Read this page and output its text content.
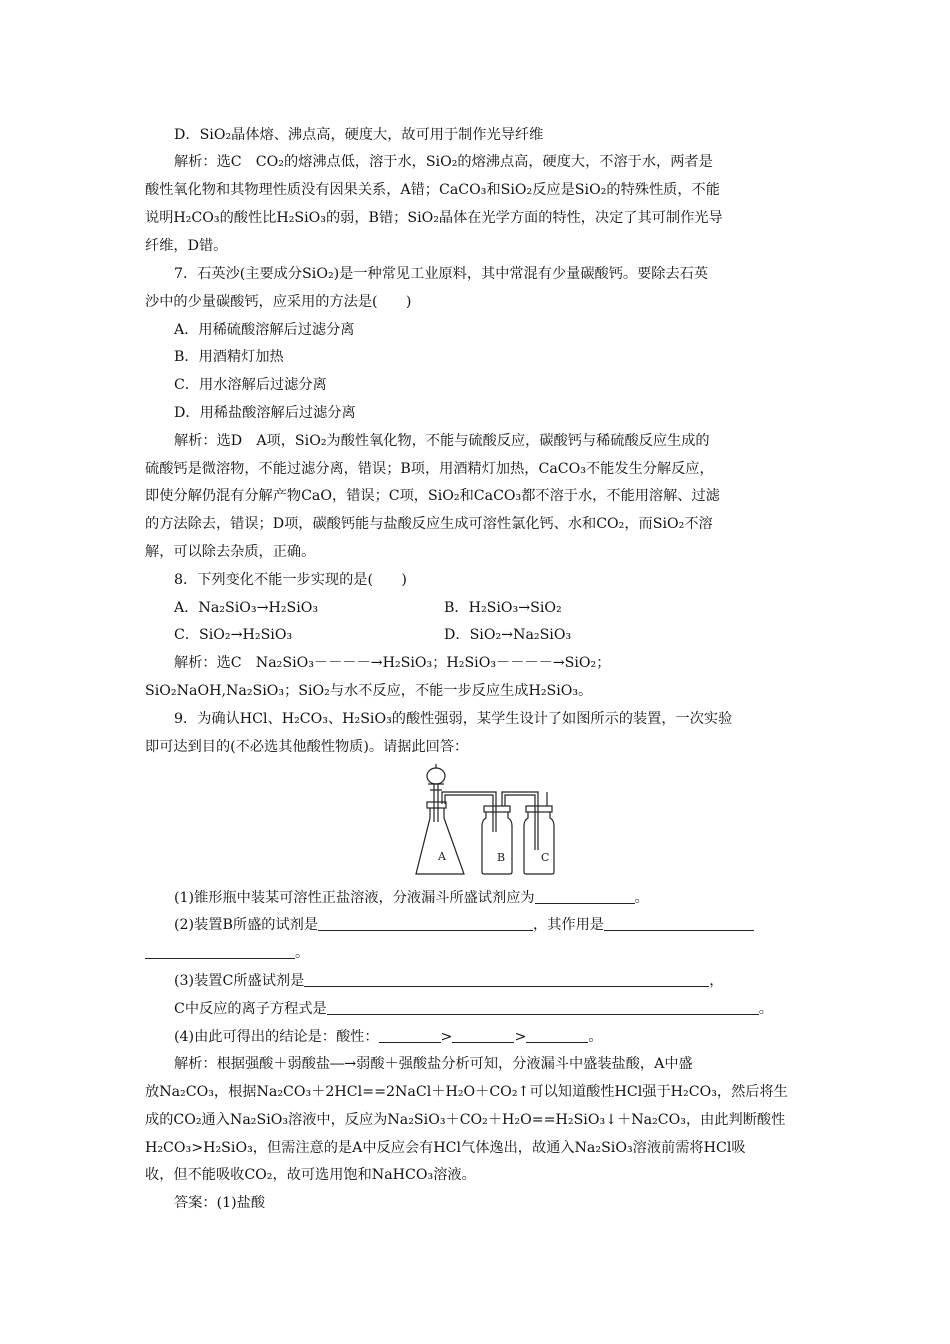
D．SiO₂晶体熔、沸点高，硬度大，故可用于制作光导纤维
解析：选C　CO₂的熔沸点低，溶于水，SiO₂的熔沸点高，硬度大，不溶于水，两者是
酸性氧化物和其物理性质没有因果关系，A错；CaCO₃和SiO₂反应是SiO₂的特殊性质，不能
说明H₂CO₃的酸性比H₂SiO₃的弱，B错；SiO₂晶体在光学方面的特性，决定了其可制作光导
纤维，D错。
7．石英沙(主要成分SiO₂)是一种常见工业原料，其中常混有少量碳酸钙。要除去石英
沙中的少量碳酸钙，应采用的方法是(　　)
A．用稀硫酸溶解后过滤分离
B．用酒精灯加热
C．用水溶解后过滤分离
D．用稀盐酸溶解后过滤分离
解析：选D　A项，SiO₂为酸性氧化物，不能与硫酸反应，碳酸钙与稀硫酸反应生成的
硫酸钙是微溶物，不能过滤分离，错误；B项，用酒精灯加热，CaCO₃不能发生分解反应，
即使分解仍混有分解产物CaO，错误；C项，SiO₂和CaCO₃都不溶于水，不能用溶解、过滤
的方法除去，错误；D项，碳酸钙能与盐酸反应生成可溶性氯化钙、水和CO₂，而SiO₂不溶
解，可以除去杂质，正确。
8．下列变化不能一步实现的是(　　)
A．Na₂SiO₃→H₂SiO₃	B．H₂SiO₃→SiO₂
C．SiO₂→H₂SiO₃	D．SiO₂→Na₂SiO₃
解析：选C　Na₂SiO₃－－－－→H₂SiO₃；H₂SiO₃－－－－→SiO₂；
SiO₂NaOH,Na₂SiO₃；SiO₂与水不反应，不能一步反应生成H₂SiO₃。
9．为确认HCl、H₂CO₃、H₂SiO₃的酸性强弱，某学生设计了如图所示的装置，一次实验
即可达到目的(不必选其他酸性物质)。请据此回答：
A	B	C
(1)锥形瓶中装某可溶性正盐溶液，分液漏斗所盛试剂应为	。
(2)装置B所盛的试剂是	，其作用是
。
(3)装置C所盛试剂是	，
C中反应的离子方程式是	。
(4)由此可得出的结论是：酸性：	>	>	。
解析：根据强酸＋弱酸盐―→弱酸＋强酸盐分析可知，分液漏斗中盛装盐酸，A中盛
放Na₂CO₃，根据Na₂CO₃＋2HCl==2NaCl＋H₂O＋CO₂↑可以知道酸性HCl强于H₂CO₃，然后将生
成的CO₂通入Na₂SiO₃溶液中，反应为Na₂SiO₃＋CO₂＋H₂O==H₂SiO₃↓＋Na₂CO₃，由此判断酸性
H₂CO₃>H₂SiO₃，但需注意的是A中反应会有HCl气体逸出，故通入Na₂SiO₃溶液前需将HCl吸
收，但不能吸收CO₂，故可选用饱和NaHCO₃溶液。
答案：(1)盐酸
